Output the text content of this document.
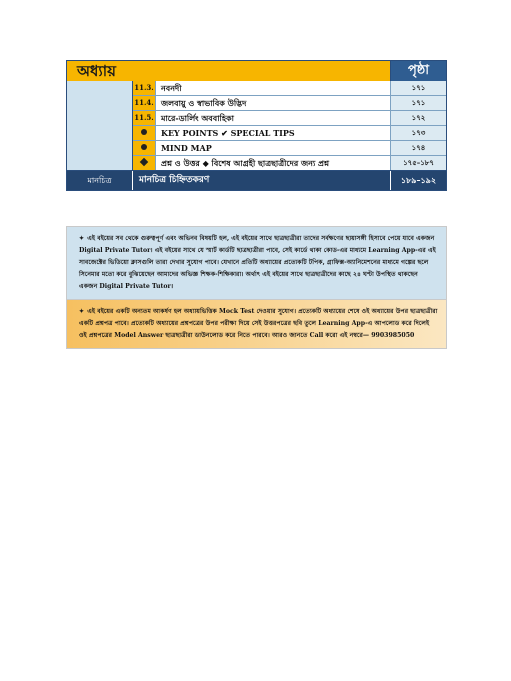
অধ্যায়	পৃষ্ঠা
11.3. নবনদী	১৭১
11.4. জলবায়ু ও স্বাভাবিক উদ্ভিদ	১৭১
11.5. মারে-ডার্লিং অববাহিকা	১৭২
KEY POINTS ✔ SPECIAL TIPS	১৭৩
MIND MAP	১৭৪
প্রশ্ন ও উত্তর ◆ বিশেষ আগ্রহী ছাত্রছাত্রীদের জন্য প্রশ্ন	১৭৫–১৮৭
মানচিত্র	মানচিত্র চিহ্নিতকরণ	১৮৯–১৯২
✦ এই বইয়ের সব থেকে গুরুত্বপূর্ণ এবং অভিনব বিষয়টি হল, এই বইয়ের সাথে ছাত্রছাত্রীরা তাদের সর্বক্ষণের ছায়াসঙ্গী হিসাবে পেয়ে যাবে একজন Digital Private Tutor। এই বইয়ের সাথে যে স্মার্ট কার্ডটি ছাত্রছাত্রীরা পাবে, সেই কার্ডে থাকা কোড-এর মাধ্যমে Learning App-এর এই সাবজেক্টের ভিডিয়ো ক্লাসগুলি তারা দেখার সুযোগ পাবে। যেখানে প্রতিটি অধ্যায়ের প্রত্যেকটি টপিক, গ্রাফিক্স-অ্যানিমেশনের মাধ্যমে গল্পের ছলে সিনেমার মতো করে বুঝিয়েছেন আমাদের অভিজ্ঞ শিক্ষক-শিক্ষিকারা। অর্থাৎ এই বইয়ের সাথে ছাত্রছাত্রীদের কাছে ২৪ ঘণ্টা উপস্থিত থাকছেন একজন Digital Private Tutor।
✦ এই বইয়ের একটি অন্যতম আকর্ষণ হল অধ্যায়ভিত্তিক Mock Test দেওয়ার সুযোগ। প্রত্যেকটি অধ্যায়ের শেষে ওই অধ্যায়ের উপর ছাত্রছাত্রীরা একটি প্রশ্নপত্র পাবে। প্রত্যেকটি অধ্যায়ের প্রশ্নপত্রের উপর পরীক্ষা দিয়ে সেই উত্তরপত্রের ছবি তুলে Learning App-এ আপলোড করে দিলেই ওই প্রশ্নপত্রের Model Answer ছাত্রছাত্রীরা ডাউনলোড করে নিতে পারবে। আরও জানতে Call করো এই নম্বরে— 9903985050
